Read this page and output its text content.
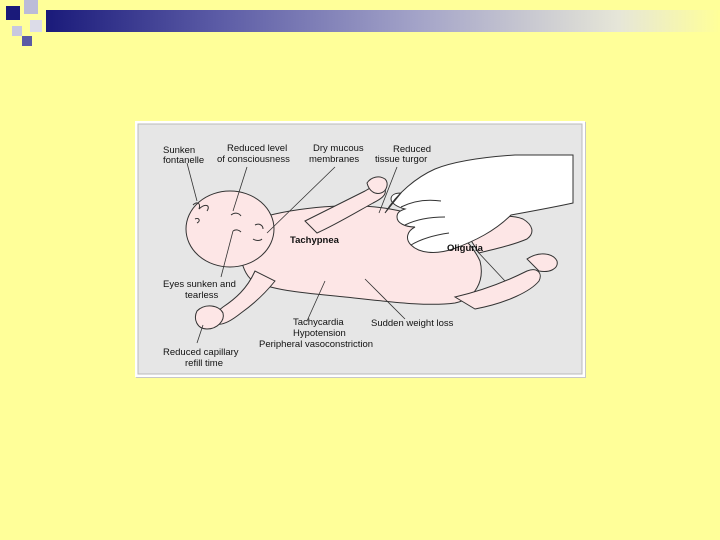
Sunken
fontanelle
Reduced level
of consciousness
Dry mucous
membranes
Reduced
tissue turgor
Tachypnea
Oliguria
Eyes sunken and
tearless
Tachycardia
Hypotension
Peripheral vasoconstriction
Sudden weight loss
Reduced capillary
refill time
